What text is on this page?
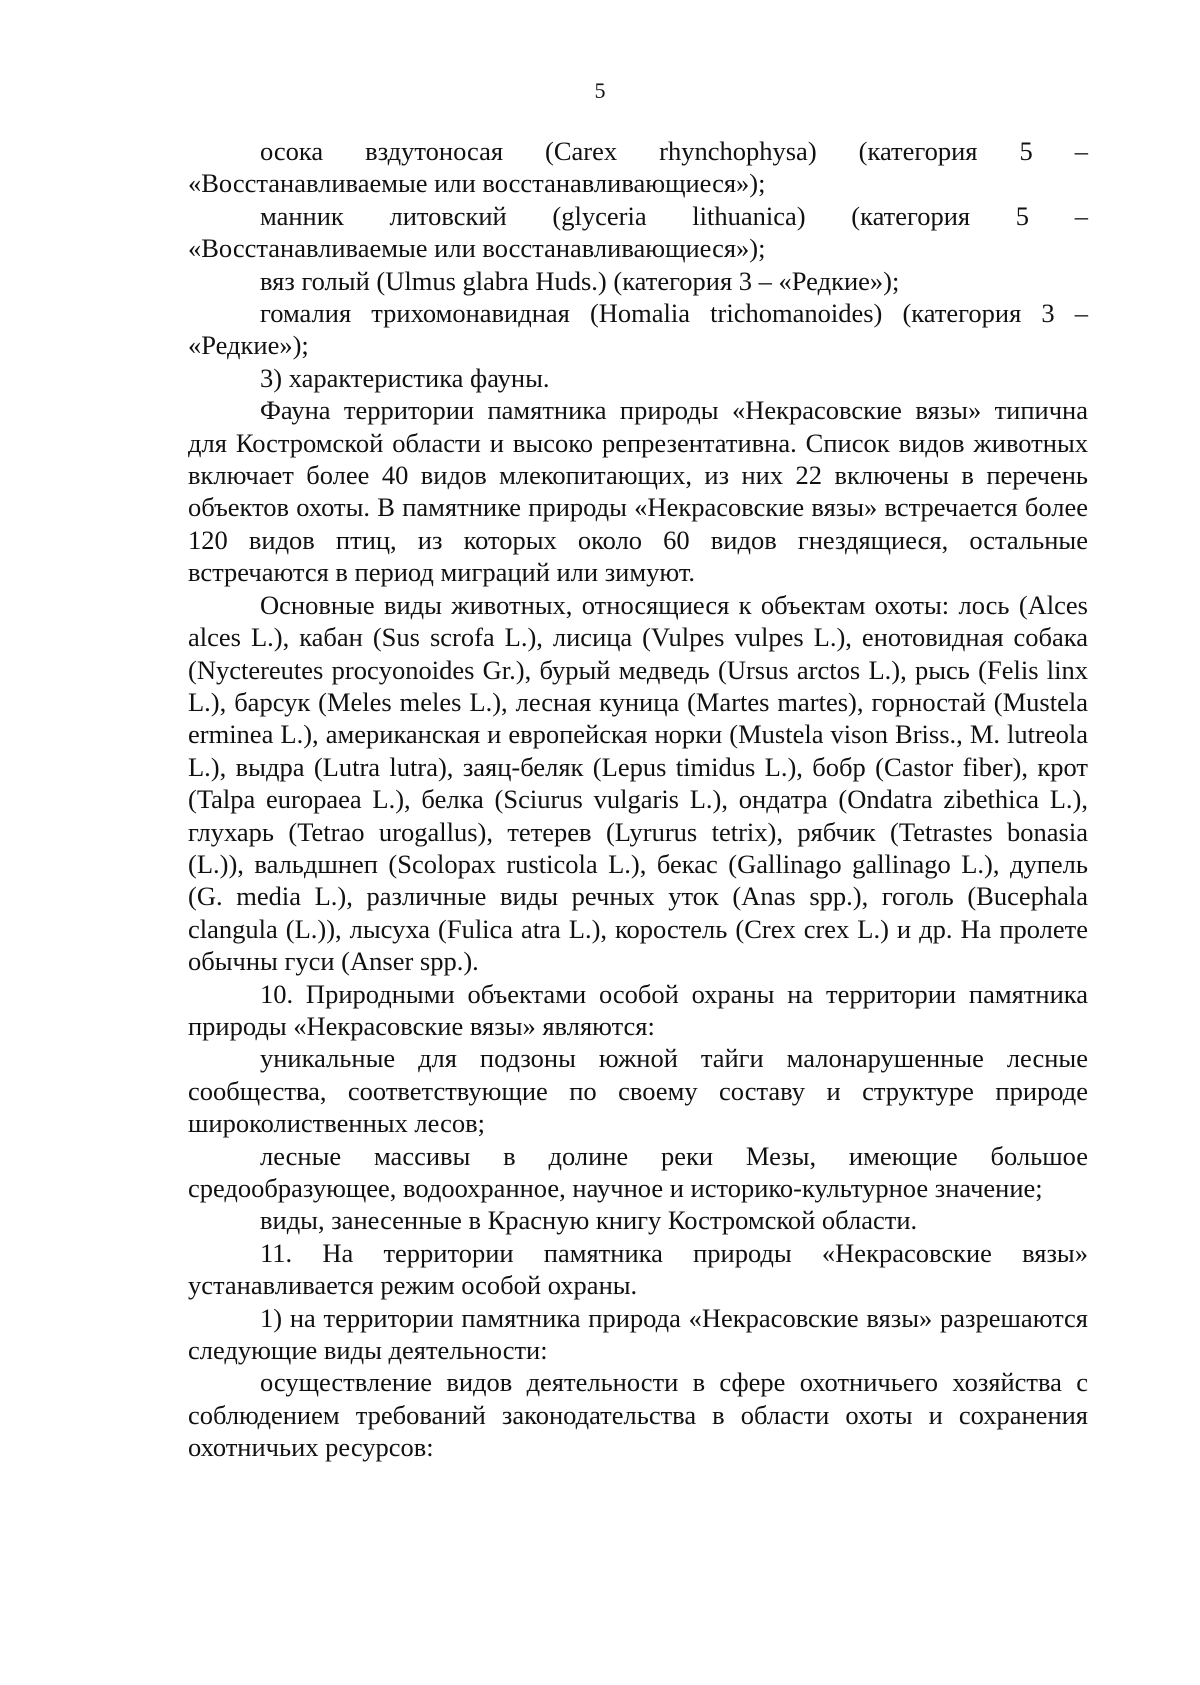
5

осока вздутоносая (Carex rhynchophysa) (категория 5 – «Восстанавливаемые или восстанавливающиеся»);

манник литовский (glyceria lithuanica) (категория 5 – «Восстанавливаемые или восстанавливающиеся»);

вяз голый (Ulmus glabra Huds.) (категория 3 – «Редкие»);

гомалия трихомонавидная (Homalia trichomanoides) (категория 3 – «Редкие»);

3) характеристика фауны.

Фауна территории памятника природы «Некрасовские вязы» типична для Костромской области и высоко репрезентативна. Список видов животных включает более 40 видов млекопитающих, из них 22 включены в перечень объектов охоты. В памятнике природы «Некрасовские вязы» встречается более 120 видов птиц, из которых около 60 видов гнездящиеся, остальные встречаются в период миграций или зимуют.

Основные виды животных, относящиеся к объектам охоты: лось (Alces alces L.), кабан (Sus scrofa L.), лисица (Vulpes vulpes L.), енотовидная собака (Nyctereutes procyonoides Gr.), бурый медведь (Ursus arctos L.), рысь (Felis linx L.), барсук (Meles meles L.), лесная куница (Martes martes), горностай (Mustela erminea L.), американская и европейская норки (Mustela vison Briss., M. lutreola L.), выдра (Lutra lutra), заяц-беляк (Lepus timidus L.), бобр (Castor fiber), крот (Talpa europaea L.), белка (Sciurus vulgaris L.), ондатра (Ondatra zibethica L.), глухарь (Tetrao urogallus), тетерев (Lyrurus tetrix), рябчик (Tetrastes bonasia (L.)), вальдшнеп (Scolopax rusticola L.), бекас (Gallinago gallinago L.), дупель (G. media L.), различные виды речных уток (Anas spp.), гоголь (Bucephala clangula (L.)), лысуха (Fulica atra L.), коростель (Crex crex L.) и др. На пролете обычны гуси (Anser spp.).

10. Природными объектами особой охраны на территории памятника природы «Некрасовские вязы» являются:

уникальные для подзоны южной тайги малонарушенные лесные сообщества, соответствующие по своему составу и структуре природе широколиственных лесов;

лесные массивы в долине реки Мезы, имеющие большое средообразующее, водоохранное, научное и историко-культурное значение;

виды, занесенные в Красную книгу Костромской области.

11. На территории памятника природы «Некрасовские вязы» устанавливается режим особой охраны.

1) на территории памятника природа «Некрасовские вязы» разрешаются следующие виды деятельности:

осуществление видов деятельности в сфере охотничьего хозяйства с соблюдением требований законодательства в области охоты и сохранения охотничьих ресурсов:
